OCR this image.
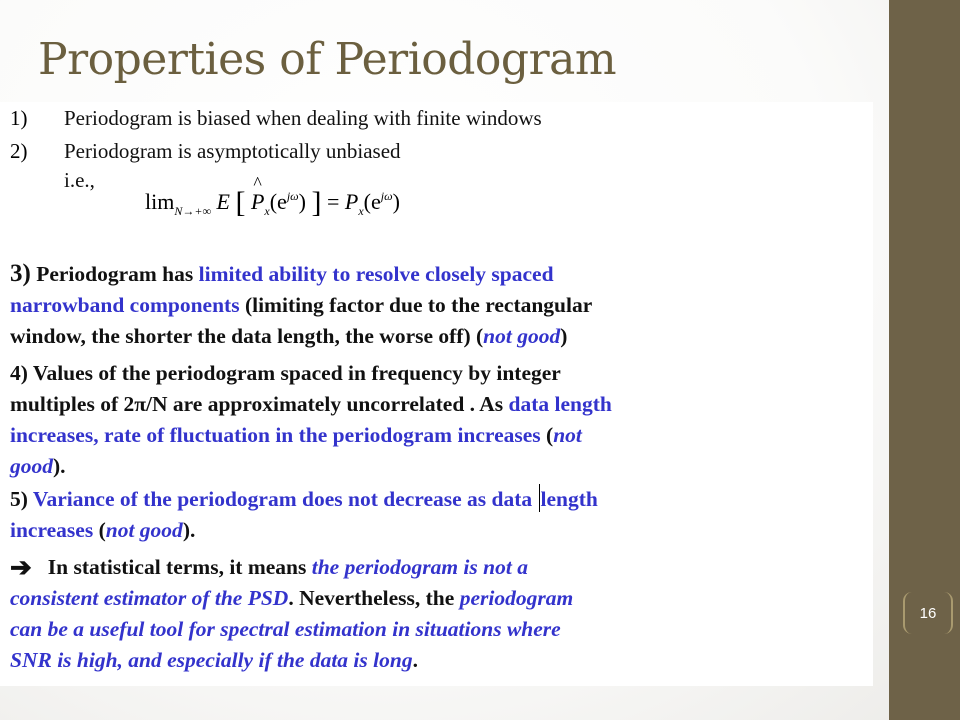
Properties of Periodogram
1) Periodogram is biased when dealing with finite windows
2) Periodogram is asymptotically unbiased
i.e.,
$\lim_{N\to+\infty} E$ [ ^ $P_x(e^{j\omega})$ ] = $P_x(e^{j\omega})$
3) Periodogram has limited ability to resolve closely spaced
narrowband components (limiting factor due to the rectangular
window, the shorter the data length, the worse off) (not good)
4) Values of the periodogram spaced in frequency by integer
multiples of 2π/N are approximately uncorrelated . As data length
increases, rate of fluctuation in the periodogram increases (not
good).
5) Variance of the periodogram does not decrease as data length
increases (not good).
➔ In statistical terms, it means the periodogram is not a
consistent estimator of the PSD. Nevertheless, the periodogram
can be a useful tool for spectral estimation in situations where
SNR is high, and especially if the data is long.
16
